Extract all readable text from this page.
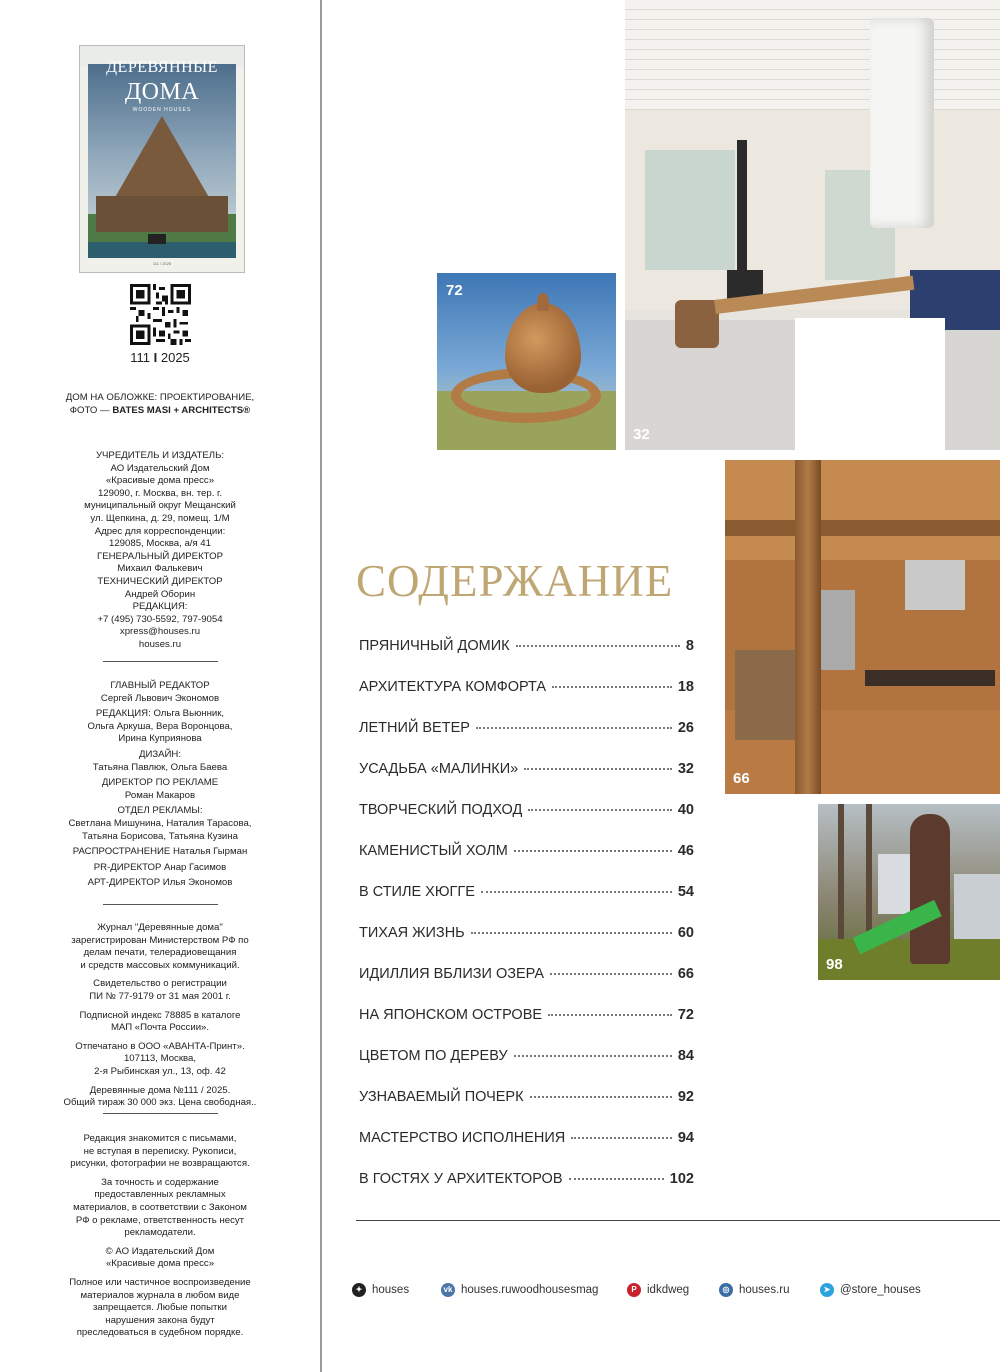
ДЕРЕВЯННЫЕ
ДОМА
WOODEN HOUSES
111 / 2025
111 I 2025
ДОМ НА ОБЛОЖКЕ: ПРОЕКТИРОВАНИЕ,
ФОТО — BATES MASI + ARCHITECTS®
УЧРЕДИТЕЛЬ И ИЗДАТЕЛЬ:
АО Издательский Дом
«Красивые дома пресс»
129090, г. Москва, вн. тер. г.
муниципальный округ Мещанский
ул. Щепкина, д. 29, помещ. 1/М
Адрес для корреспонденции:
129085, Москва, а/я 41
ГЕНЕРАЛЬНЫЙ ДИРЕКТОР
Михаил Фалькевич
ТЕХНИЧЕСКИЙ ДИРЕКТОР
Андрей Оборин
РЕДАКЦИЯ:
+7 (495) 730-5592, 797-9054
xpress@houses.ru
houses.ru
ГЛАВНЫЙ РЕДАКТОР
Сергей Львович Экономов
РЕДАКЦИЯ: Ольга Вьюнник,
Ольга Аркуша, Вера Воронцова,
Ирина Куприянова
ДИЗАЙН:
Татьяна Павлюк, Ольга Баева
ДИРЕКТОР ПО РЕКЛАМЕ
Роман Макаров
ОТДЕЛ РЕКЛАМЫ:
Светлана Мишунина, Наталия Тарасова,
Татьяна Борисова, Татьяна Кузина
РАСПРОСТРАНЕНИЕ Наталья Гырман
PR-ДИРЕКТОР Анар Гасимов
АРТ-ДИРЕКТОР Илья Экономов
Журнал "Деревянные дома"
зарегистрирован Министерством РФ по
делам печати, телерадиовещания
и средств массовых коммуникаций.
Свидетельство о регистрации
ПИ № 77-9179 от 31 мая 2001 г.
Подписной индекс 78885 в каталоге
МАП «Почта России».
Отпечатано в ООО «АВАНТА-Принт».
107113, Москва,
2-я Рыбинская ул., 13, оф. 42
Деревянные дома №111 / 2025.
Общий тираж 30 000 экз. Цена свободная..
Редакция знакомится с письмами,
не вступая в переписку. Рукописи,
рисунки, фотографии не возвращаются.
За точность и содержание
предоставленных рекламных
материалов, в соответствии с Законом
РФ о рекламе, ответственность несут
рекламодатели.
© АО Издательский Дом
«Красивые дома пресс»
Полное или частичное воспроизведение
материалов журнала в любом виде
запрещается. Любые попытки
нарушения закона будут
преследоваться в судебном порядке.
72
32
66
98
СОДЕРЖАНИЕ
ПРЯНИЧНЫЙ ДОМИК	8
АРХИТЕКТУРА КОМФОРТА	18
ЛЕТНИЙ ВЕТЕР	26
УСАДЬБА «МАЛИНКИ»	32
ТВОРЧЕСКИЙ ПОДХОД	40
КАМЕНИСТЫЙ ХОЛМ	46
В СТИЛЕ ХЮГГЕ	54
ТИХАЯ ЖИЗНЬ	60
ИДИЛЛИЯ ВБЛИЗИ ОЗЕРА	66
НА ЯПОНСКОМ ОСТРОВЕ	72
ЦВЕТОМ ПО ДЕРЕВУ	84
УЗНАВАЕМЫЙ ПОЧЕРК	92
МАСТЕРСТВО ИСПОЛНЕНИЯ	94
В ГОСТЯХ У АРХИТЕКТОРОВ	102
✦ houses	vk houses.ruwoodhousesmag	P idkdweg	◎ houses.ru	➤ @store_houses
